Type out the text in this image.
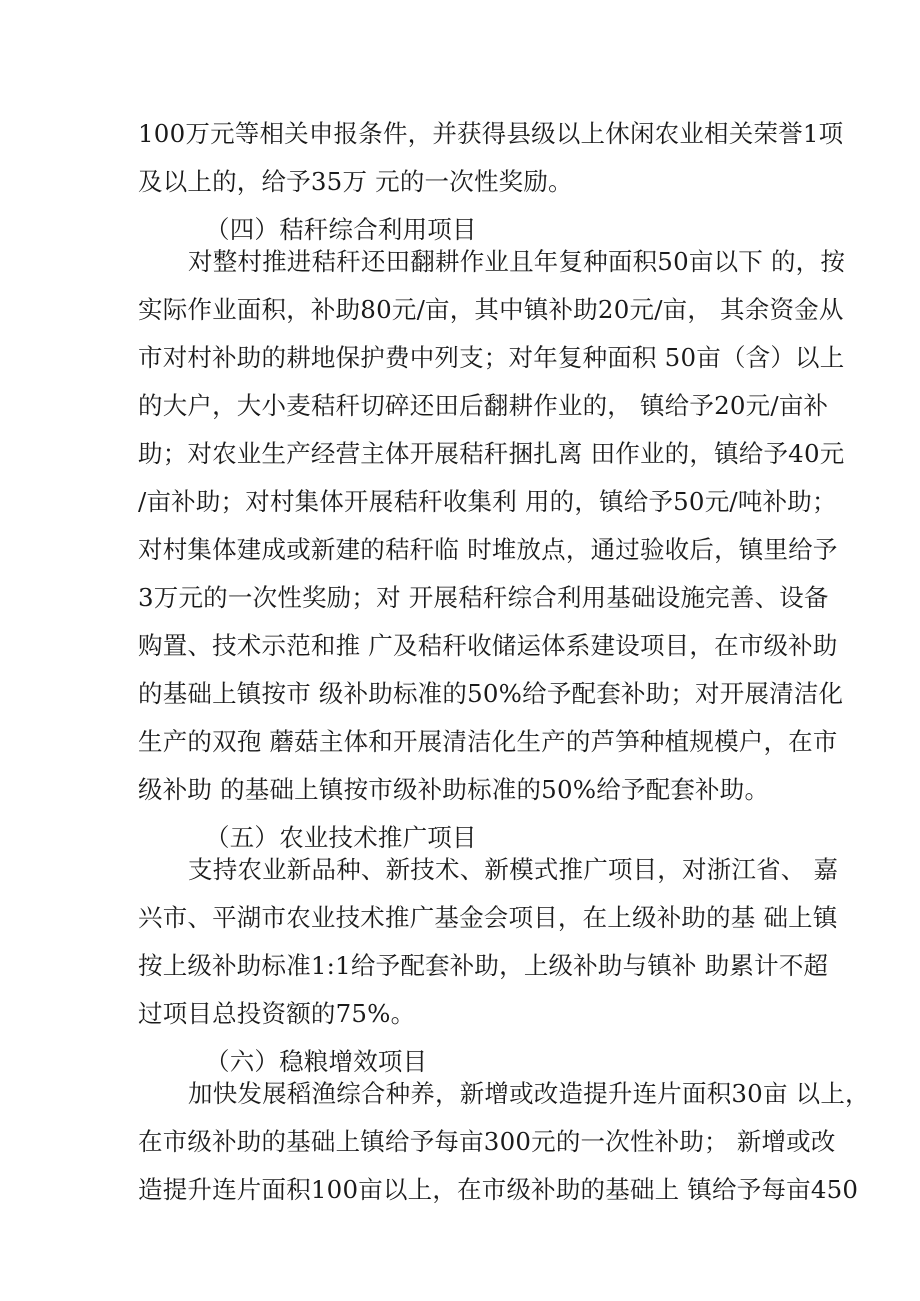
100万元等相关申报条件，并获得县级以上休闲农业相关荣誉1项
及以上的，给予35万 元的一次性奖励。
（四）秸秆综合利用项目
对整村推进秸秆还田翻耕作业且年复种面积50亩以下 的，按
实际作业面积，补助80元/亩，其中镇补助20元/亩， 其余资金从
市对村补助的耕地保护费中列支；对年复种面积 50亩（含）以上
的大户，大小麦秸秆切碎还田后翻耕作业的， 镇给予20元/亩补
助；对农业生产经营主体开展秸秆捆扎离 田作业的，镇给予40元
/亩补助；对村集体开展秸秆收集利 用的，镇给予50元/吨补助；
对村集体建成或新建的秸秆临 时堆放点，通过验收后，镇里给予
3万元的一次性奖励；对 开展秸秆综合利用基础设施完善、设备
购置、技术示范和推 广及秸秆收储运体系建设项目，在市级补助
的基础上镇按市 级补助标准的50%给予配套补助；对开展清洁化
生产的双孢 蘑菇主体和开展清洁化生产的芦笋种植规模户，在市
级补助 的基础上镇按市级补助标准的50%给予配套补助。
（五）农业技术推广项目
支持农业新品种、新技术、新模式推广项目，对浙江省、 嘉
兴市、平湖市农业技术推广基金会项目，在上级补助的基 础上镇
按上级补助标准1:1给予配套补助，上级补助与镇补 助累计不超
过项目总投资额的75%。
（六）稳粮增效项目
加快发展稻渔综合种养，新增或改造提升连片面积30亩 以上，
在市级补助的基础上镇给予每亩300元的一次性补助； 新增或改
造提升连片面积100亩以上，在市级补助的基础上 镇给予每亩450
